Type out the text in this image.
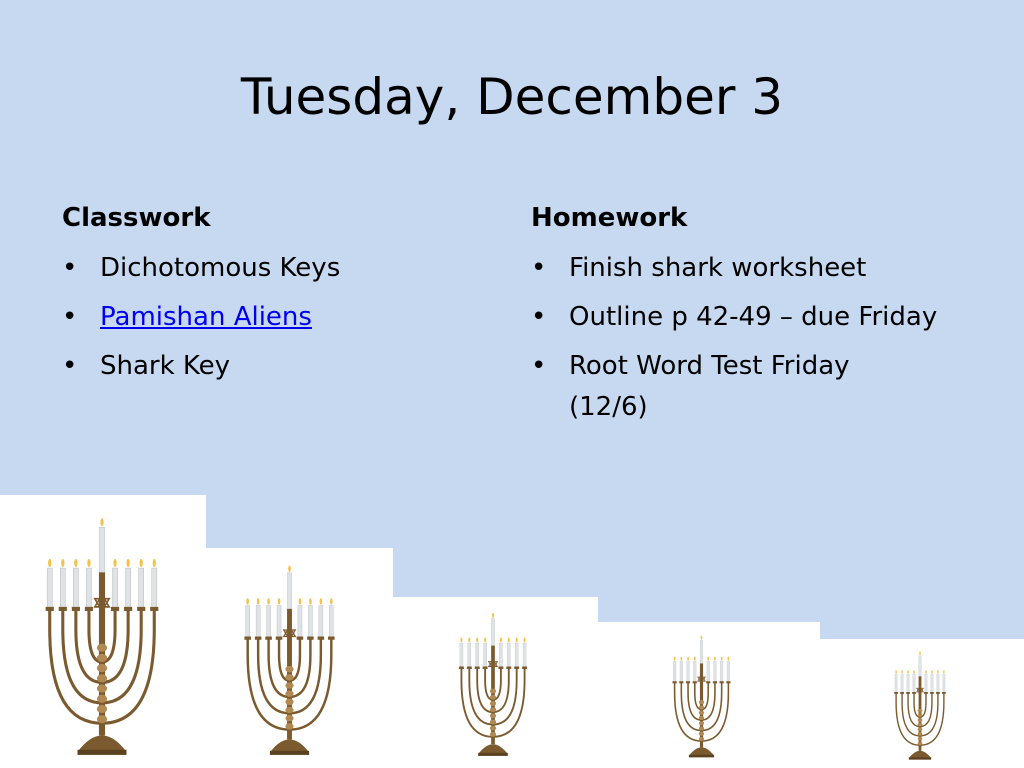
Tuesday, December 3
Classwork
• Dichotomous Keys
• Pamishan Aliens
• Shark Key
Homework
• Finish shark worksheet
• Outline p 42-49 – due Friday
• Root Word Test Friday
(12/6)
